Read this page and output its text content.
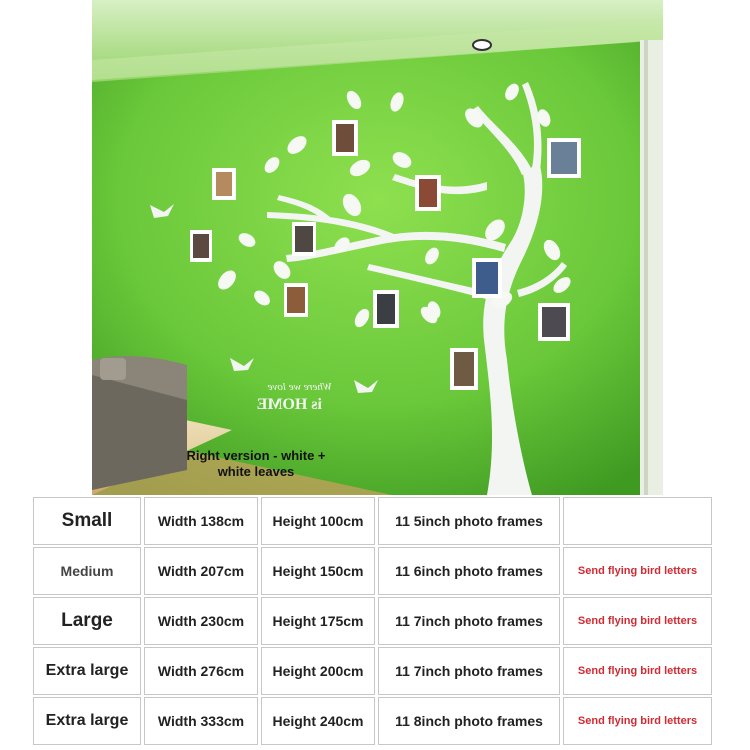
Where we love
is HOME
Right version - white +
white leaves
Small	Width 138cm	Height 100cm	11 5inch photo frames
Medium	Width 207cm	Height 150cm	11 6inch photo frames	Send flying bird letters
Large	Width 230cm	Height 175cm	11 7inch photo frames	Send flying bird letters
Extra large	Width 276cm	Height 200cm	11 7inch photo frames	Send flying bird letters
Extra large	Width 333cm	Height 240cm	11 8inch photo frames	Send flying bird letters
